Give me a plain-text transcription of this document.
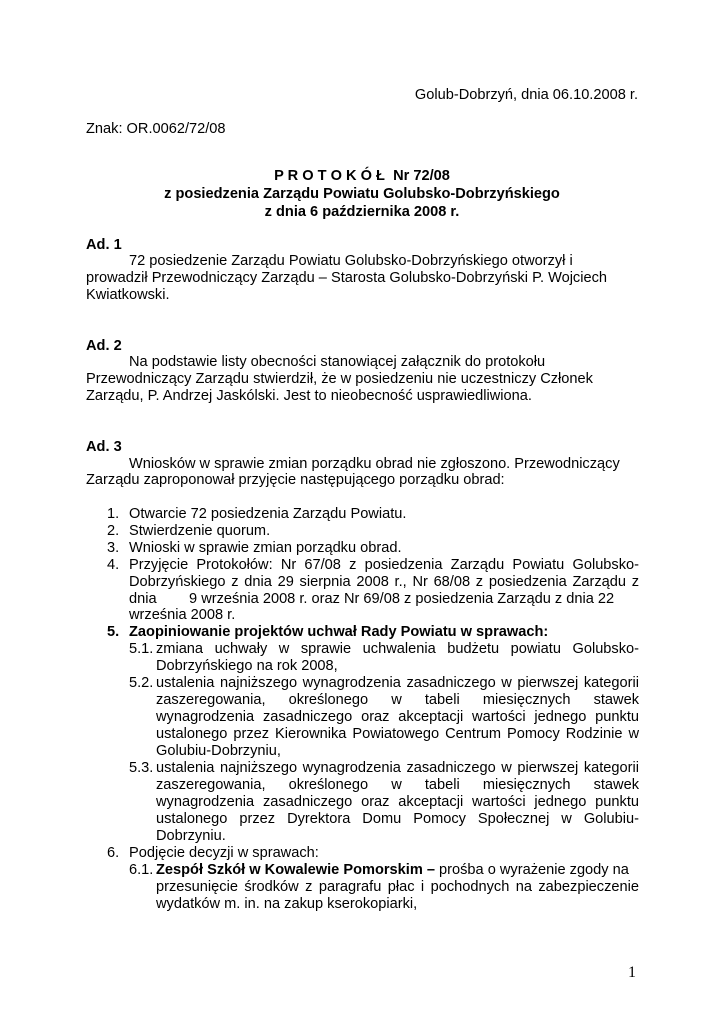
Golub-Dobrzyń, dnia 06.10.2008 r.
Znak: OR.0062/72/08
P R O T O K Ó Ł  Nr 72/08
z posiedzenia Zarządu Powiatu Golubsko-Dobrzyńskiego
z dnia 6 października 2008 r.
Ad. 1
72 posiedzenie Zarządu Powiatu Golubsko-Dobrzyńskiego otworzył i
prowadził Przewodniczący Zarządu – Starosta Golubsko-Dobrzyński P. Wojciech
Kwiatkowski.
Ad. 2
Na podstawie listy obecności stanowiącej załącznik do protokołu
Przewodniczący Zarządu stwierdził, że w posiedzeniu nie uczestniczy Członek
Zarządu, P. Andrzej Jaskólski. Jest to nieobecność usprawiedliwiona.
Ad. 3
Wniosków w sprawie zmian porządku obrad nie zgłoszono. Przewodniczący
Zarządu zaproponował przyjęcie następującego porządku obrad:
1. Otwarcie 72 posiedzenia Zarządu Powiatu.
2. Stwierdzenie quorum.
3. Wnioski w sprawie zmian porządku obrad.
4. Przyjęcie Protokołów: Nr 67/08 z posiedzenia Zarządu Powiatu Golubsko-
Dobrzyńskiego z dnia 29 sierpnia 2008 r., Nr 68/08 z posiedzenia Zarządu z
dnia        9 września 2008 r. oraz Nr 69/08 z posiedzenia Zarządu z dnia 22
września 2008 r.
5. Zaopiniowanie projektów uchwał Rady Powiatu w sprawach:
5.1. zmiana uchwały w sprawie uchwalenia budżetu powiatu Golubsko-
Dobrzyńskiego na rok 2008,
5.2. ustalenia najniższego wynagrodzenia zasadniczego w pierwszej kategorii
zaszeregowania, określonego w tabeli miesięcznych stawek
wynagrodzenia zasadniczego oraz akceptacji wartości jednego punktu
ustalonego przez Kierownika Powiatowego Centrum Pomocy Rodzinie w
Golubiu-Dobrzyniu,
5.3. ustalenia najniższego wynagrodzenia zasadniczego w pierwszej kategorii
zaszeregowania, określonego w tabeli miesięcznych stawek
wynagrodzenia zasadniczego oraz akceptacji wartości jednego punktu
ustalonego przez Dyrektora Domu Pomocy Społecznej w Golubiu-
Dobrzyniu.
6. Podjęcie decyzji w sprawach:
6.1. Zespół Szkół w Kowalewie Pomorskim – prośba o wyrażenie zgody na
przesunięcie środków z paragrafu płac i pochodnych na zabezpieczenie
wydatków m. in. na zakup kserokopiarki,
1
